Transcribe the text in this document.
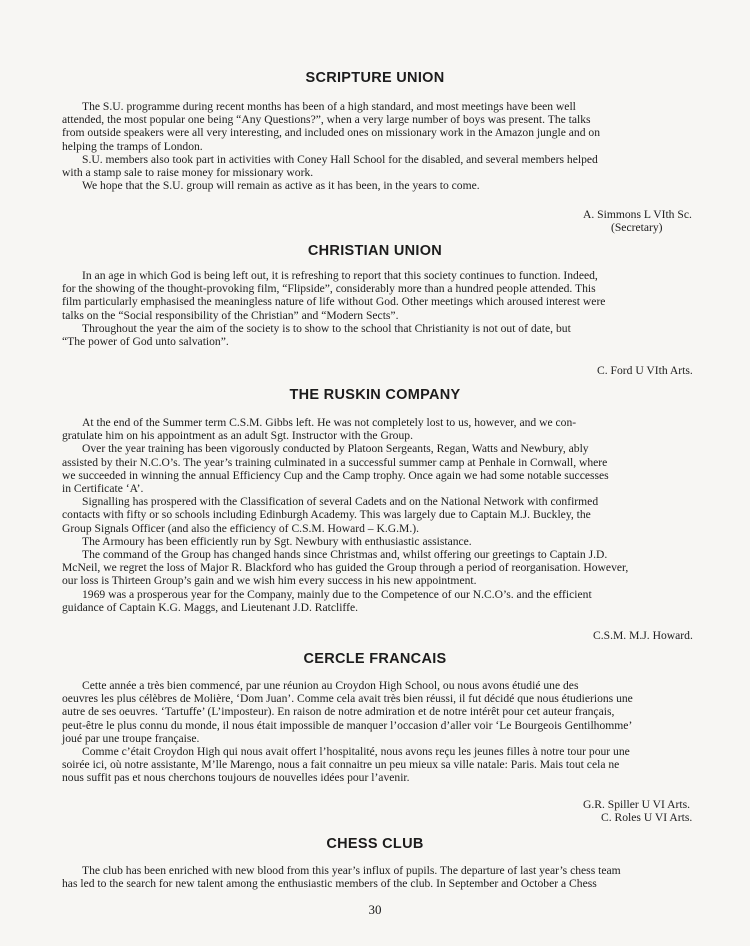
SCRIPTURE UNION
The S.U. programme during recent months has been of a high standard, and most meetings have been well
attended, the most popular one being “Any Questions?”, when a very large number of boys was present. The talks
from outside speakers were all very interesting, and included ones on missionary work in the Amazon jungle and on
helping the tramps of London.
S.U. members also took part in activities with Coney Hall School for the disabled, and several members helped
with a stamp sale to raise money for missionary work.
We hope that the S.U. group will remain as active as it has been, in the years to come.
A. Simmons L VIth Sc.
(Secretary)
CHRISTIAN UNION
In an age in which God is being left out, it is refreshing to report that this society continues to function. Indeed,
for the showing of the thought-provoking film, “Flipside”, considerably more than a hundred people attended. This
film particularly emphasised the meaningless nature of life without God. Other meetings which aroused interest were
talks on the “Social responsibility of the Christian” and “Modern Sects”.
Throughout the year the aim of the society is to show to the school that Christianity is not out of date, but
“The power of God unto salvation”.
C. Ford U VIth Arts.
THE RUSKIN COMPANY
At the end of the Summer term C.S.M. Gibbs left. He was not completely lost to us, however, and we con-
gratulate him on his appointment as an adult Sgt. Instructor with the Group.
Over the year training has been vigorously conducted by Platoon Sergeants, Regan, Watts and Newbury, ably
assisted by their N.C.O’s. The year’s training culminated in a successful summer camp at Penhale in Cornwall, where
we succeeded in winning the annual Efficiency Cup and the Camp trophy. Once again we had some notable successes
in Certificate ‘A’.
Signalling has prospered with the Classification of several Cadets and on the National Network with confirmed
contacts with fifty or so schools including Edinburgh Academy. This was largely due to Captain M.J. Buckley, the
Group Signals Officer (and also the efficiency of C.S.M. Howard – K.G.M.).
The Armoury has been efficiently run by Sgt. Newbury with enthusiastic assistance.
The command of the Group has changed hands since Christmas and, whilst offering our greetings to Captain J.D.
McNeil, we regret the loss of Major R. Blackford who has guided the Group through a period of reorganisation. However,
our loss is Thirteen Group’s gain and we wish him every success in his new appointment.
1969 was a prosperous year for the Company, mainly due to the Competence of our N.C.O’s. and the efficient
guidance of Captain K.G. Maggs, and Lieutenant J.D. Ratcliffe.
C.S.M. M.J. Howard.
CERCLE FRANCAIS
Cette année a très bien commencé, par une réunion au Croydon High School, ou nous avons étudié une des
oeuvres les plus célèbres de Molière, ‘Dom Juan’. Comme cela avait très bien réussi, il fut décidé que nous étudierions une
autre de ses oeuvres. ‘Tartuffe’ (L’imposteur). En raison de notre admiration et de notre intérêt pour cet auteur français,
peut-être le plus connu du monde, il nous était impossible de manquer l’occasion d’aller voir ‘Le Bourgeois Gentilhomme’
joué par une troupe française.
Comme c’était Croydon High qui nous avait offert l’hospitalité, nous avons reçu les jeunes filles à notre tour pour une
soirée ici, où notre assistante, M’lle Marengo, nous a fait connaitre un peu mieux sa ville natale: Paris. Mais tout cela ne
nous suffit pas et nous cherchons toujours de nouvelles idées pour l’avenir.
G.R. Spiller U VI Arts.
C. Roles U VI Arts.
CHESS CLUB
The club has been enriched with new blood from this year’s influx of pupils. The departure of last year’s chess team
has led to the search for new talent among the enthusiastic members of the club. In September and October a Chess
30
